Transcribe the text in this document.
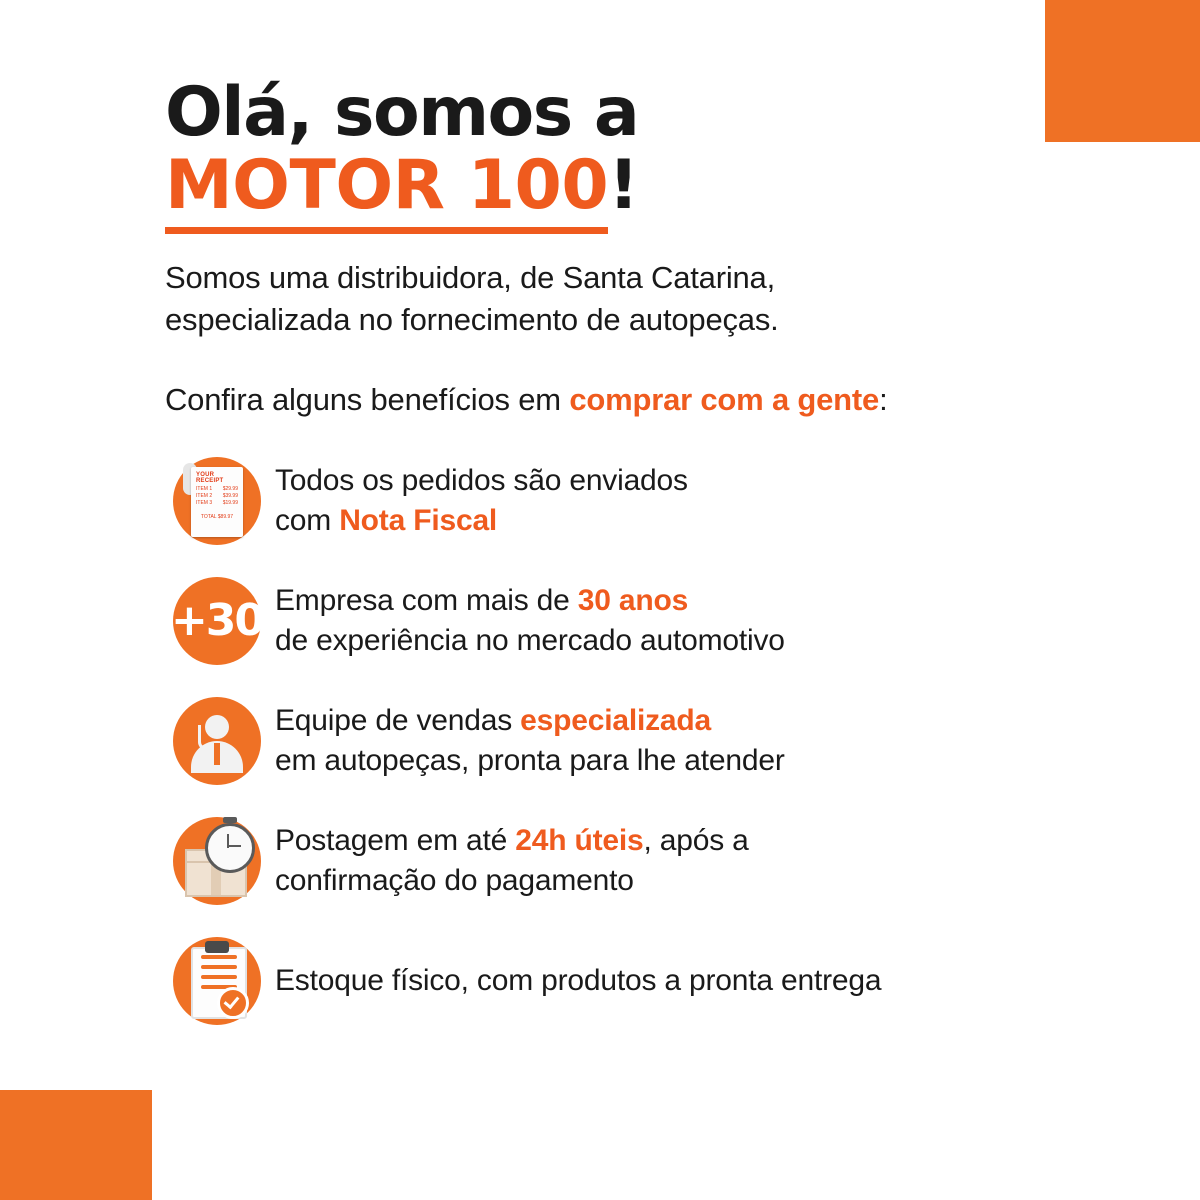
Olá, somos a
MOTOR 100!

Somos uma distribuidora, de Santa Catarina,
especializada no fornecimento de autopeças.

Confira alguns benefícios em comprar com a gente:

YOUR RECEIPT
ITEM 1 $29.99
ITEM 2 $39.99
ITEM 3 $19.99
TOTAL $89.97
Todos os pedidos são enviados
com Nota Fiscal
+30 Empresa com mais de 30 anos
de experiência no mercado automotivo
Equipe de vendas especializada
em autopeças, pronta para lhe atender
Postagem em até 24h úteis, após a
confirmação do pagamento
Estoque físico, com produtos a pronta entrega
